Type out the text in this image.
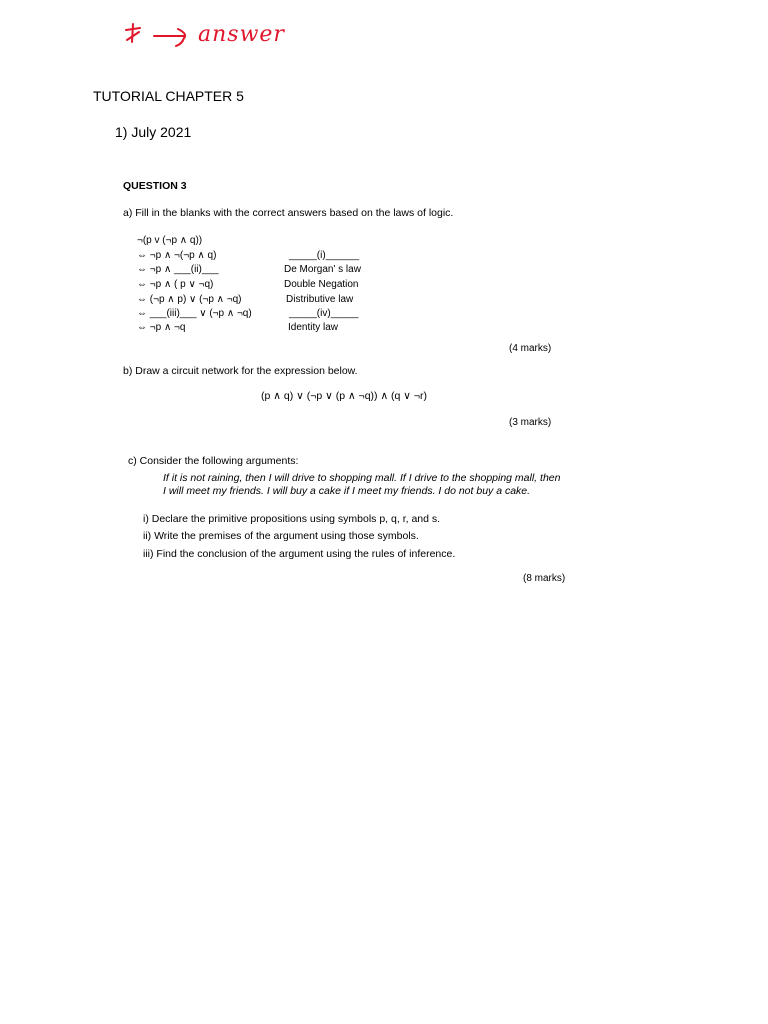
answer
TUTORIAL CHAPTER 5
1) July 2021
QUESTION 3
a) Fill in the blanks with the correct answers based on the laws of logic.
¬(p v (¬p ∧ q))
⇔ ¬p ∧ ¬(¬p ∧ q)	_____(i)______
⇔ ¬p ∧ ___(ii)___	De Morgan' s law
⇔ ¬p ∧ ( p ∨ ¬q)	Double Negation
⇔ (¬p ∧ p) ∨ (¬p ∧ ¬q)	Distributive law
⇔ ___(iii)___ ∨ (¬p ∧ ¬q)	_____(iv)_____
⇔ ¬p ∧ ¬q	Identity law
(4 marks)
b) Draw a circuit network for the expression below.
(p ∧ q) ∨ (¬p ∨ (p ∧ ¬q)) ∧ (q ∨ ¬r)
(3 marks)
c) Consider the following arguments:
If it is not raining, then I will drive to shopping mall. If I drive to the shopping mall, then
I will meet my friends. I will buy a cake if I meet my friends. I do not buy a cake.
i) Declare the primitive propositions using symbols p, q, r, and s.
ii) Write the premises of the argument using those symbols.
iii) Find the conclusion of the argument using the rules of inference.
(8 marks)
